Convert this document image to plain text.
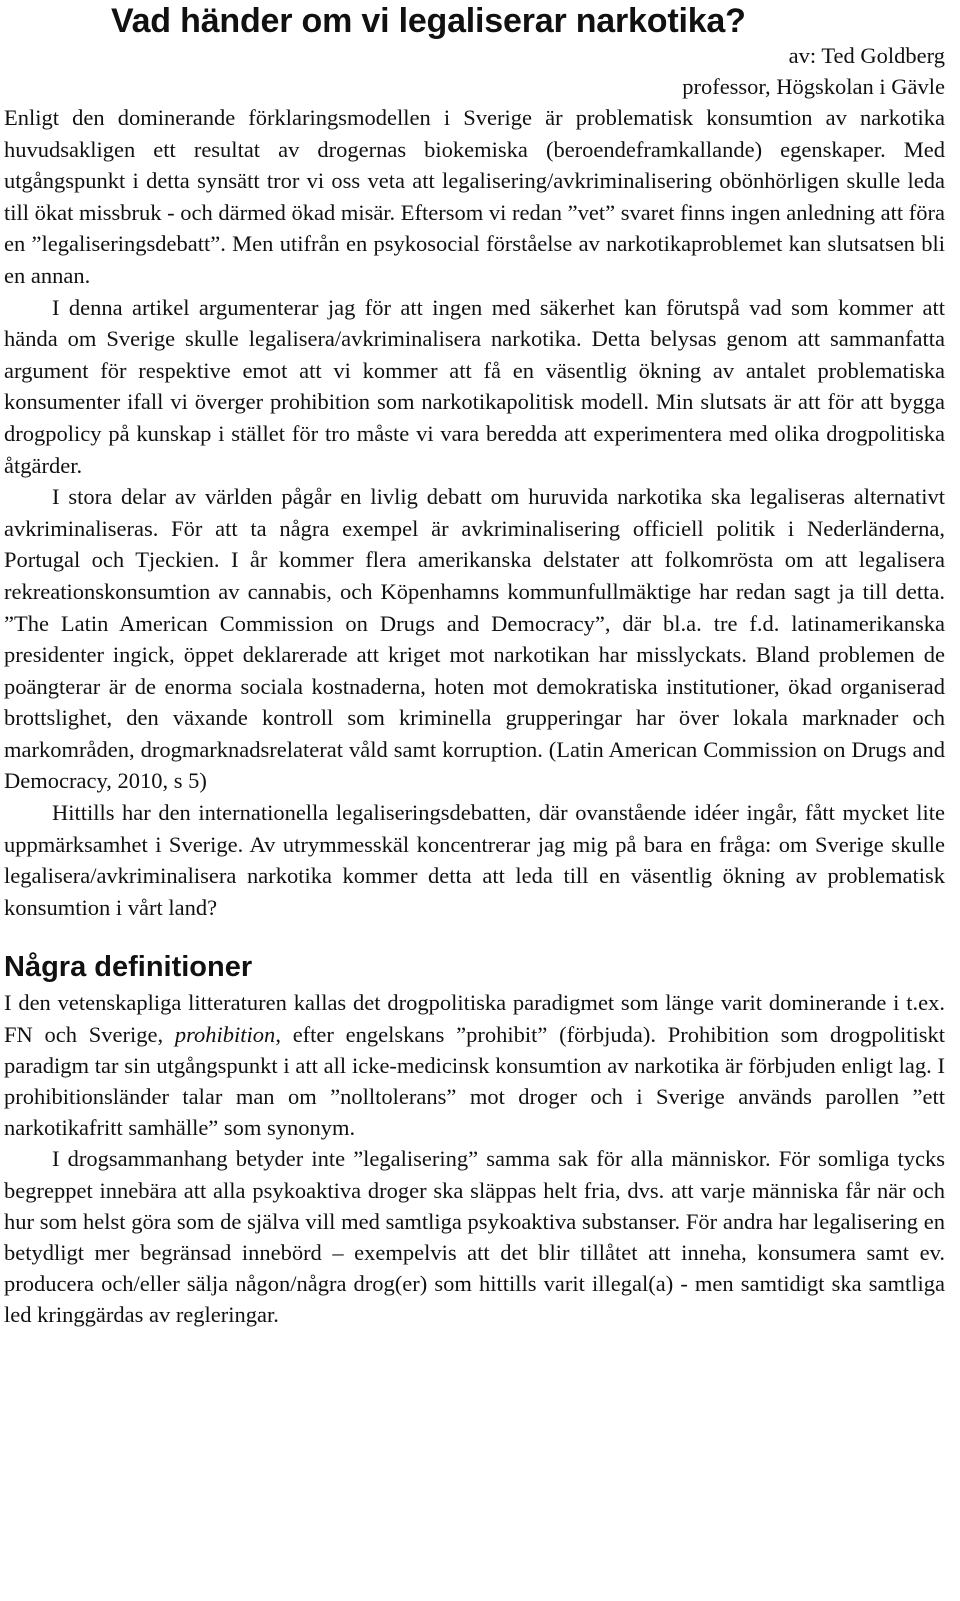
Vad händer om vi legaliserar narkotika?

av: Ted Goldberg

professor, Högskolan i Gävle

Enligt den dominerande förklaringsmodellen i Sverige är problematisk konsumtion av narkotika huvudsakligen ett resultat av drogernas biokemiska (beroendeframkallande) egenskaper. Med utgångspunkt i detta synsätt tror vi oss veta att legalisering/avkriminalisering obönhörligen skulle leda till ökat missbruk - och därmed ökad misär. Eftersom vi redan ”vet” svaret finns ingen anledning att föra en ”legaliseringsdebatt”. Men utifrån en psykosocial förståelse av narkotikaproblemet kan slutsatsen bli en annan.

I denna artikel argumenterar jag för att ingen med säkerhet kan förutspå vad som kommer att hända om Sverige skulle legalisera/avkriminalisera narkotika. Detta belysas genom att sammanfatta argument för respektive emot att vi kommer att få en väsentlig ökning av antalet problematiska konsumenter ifall vi överger prohibition som narkotikapolitisk modell. Min slutsats är att för att bygga drogpolicy på kunskap i stället för tro måste vi vara beredda att experimentera med olika drogpolitiska åtgärder.

I stora delar av världen pågår en livlig debatt om huruvida narkotika ska legaliseras alternativt avkriminaliseras. För att ta några exempel är avkriminalisering officiell politik i Nederländerna, Portugal och Tjeckien. I år kommer flera amerikanska delstater att folkomrösta om att legalisera rekreationskonsumtion av cannabis, och Köpenhamns kommunfullmäktige har redan sagt ja till detta. ”The Latin American Commission on Drugs and Democracy”, där bl.a. tre f.d. latinamerikanska presidenter ingick, öppet deklarerade att kriget mot narkotikan har misslyckats. Bland problemen de poängterar är de enorma sociala kostnaderna, hoten mot demokratiska institutioner, ökad organiserad brottslighet, den växande kontroll som kriminella grupperingar har över lokala marknader och markområden, drogmarknadsrelaterat våld samt korruption. (Latin American Commission on Drugs and Democracy, 2010, s 5)

Hittills har den internationella legaliseringsdebatten, där ovanstående idéer ingår, fått mycket lite uppmärksamhet i Sverige. Av utrymmesskäl koncentrerar jag mig på bara en fråga: om Sverige skulle legalisera/avkriminalisera narkotika kommer detta att leda till en väsentlig ökning av problematisk konsumtion i vårt land?

Några definitioner

I den vetenskapliga litteraturen kallas det drogpolitiska paradigmet som länge varit dominerande i t.ex. FN och Sverige, prohibition, efter engelskans ”prohibit” (förbjuda). Prohibition som drogpolitiskt paradigm tar sin utgångspunkt i att all icke-medicinsk konsumtion av narkotika är förbjuden enligt lag. I prohibitionsländer talar man om ”nolltolerans” mot droger och i Sverige används parollen ”ett narkotikafritt samhälle” som synonym.

I drogsammanhang betyder inte ”legalisering” samma sak för alla människor. För somliga tycks begreppet innebära att alla psykoaktiva droger ska släppas helt fria, dvs. att varje människa får när och hur som helst göra som de själva vill med samtliga psykoaktiva substanser. För andra har legalisering en betydligt mer begränsad innebörd – exempelvis att det blir tillåtet att inneha, konsumera samt ev. producera och/eller sälja någon/några drog(er) som hittills varit illegal(a) - men samtidigt ska samtliga led kringgärdas av regleringar.
